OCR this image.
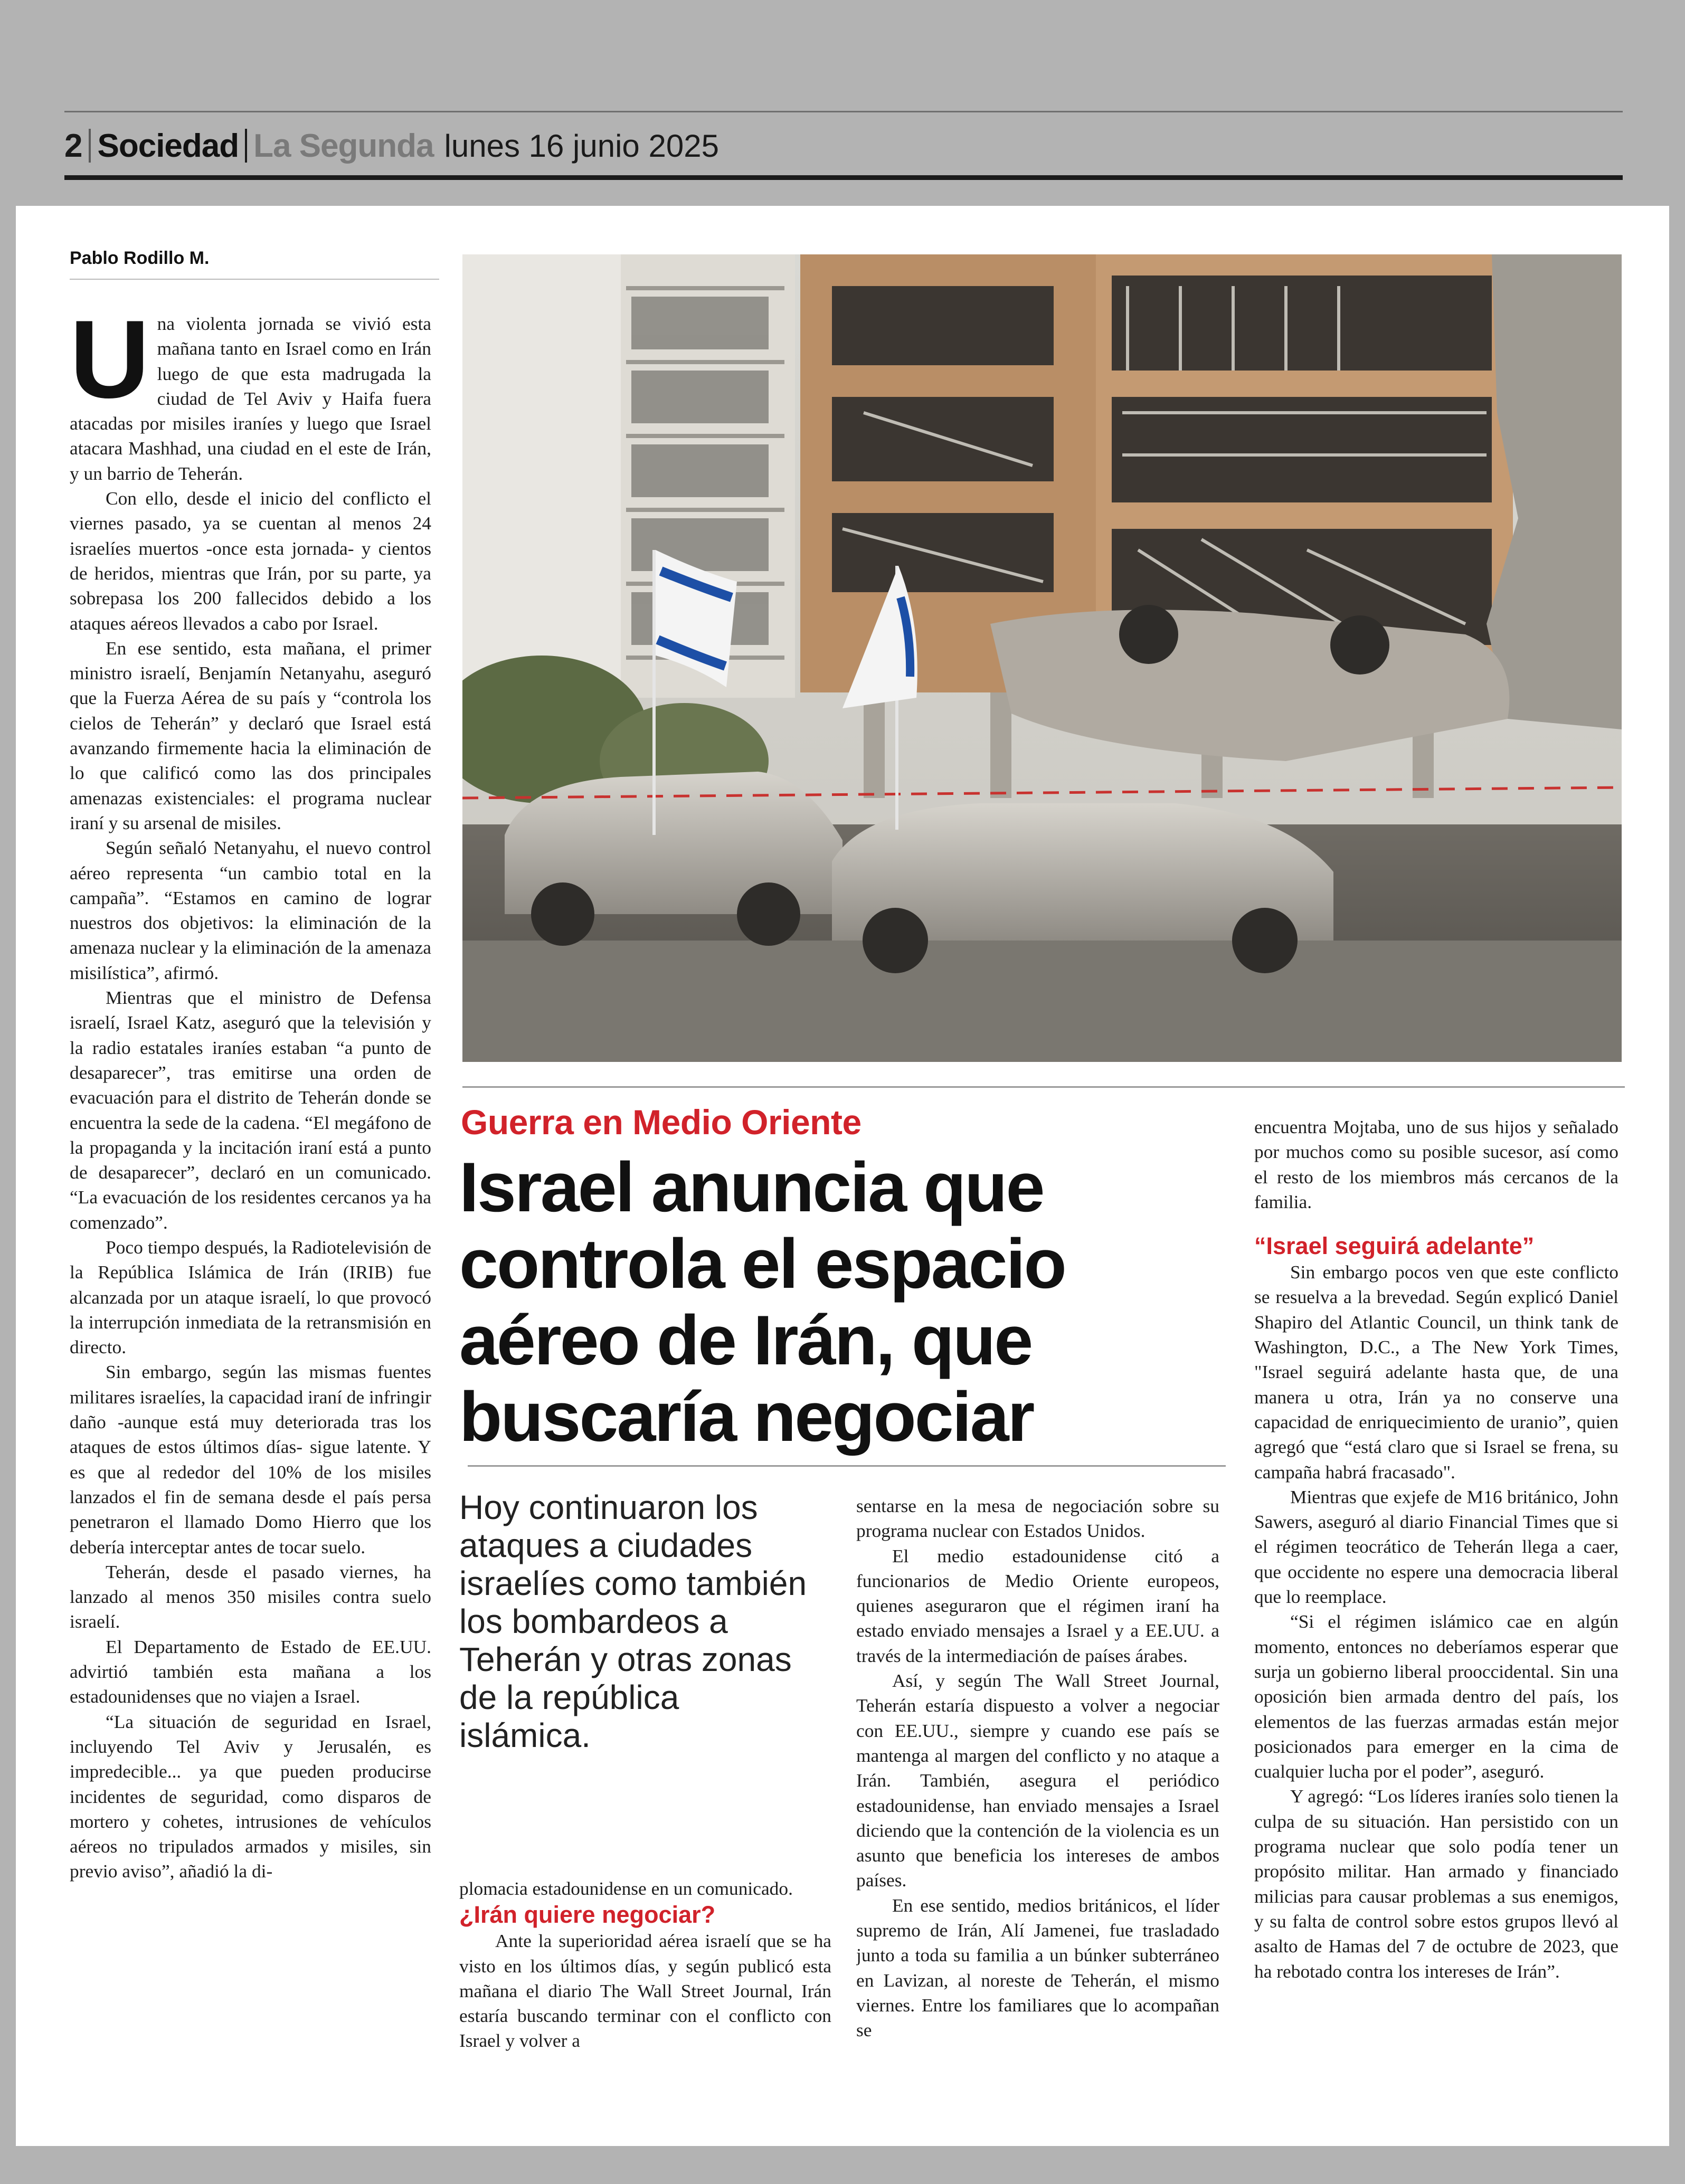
2 Sociedad La Segunda lunes 16 junio 2025
Pablo Rodillo M.
U na violenta jornada se vivió esta mañana tanto en Israel como en Irán luego de que esta madrugada la ciudad de Tel Aviv y Haifa fuera atacadas por misiles iraníes y luego que Israel atacara Mashhad, una ciudad en el este de Irán, y un barrio de Teherán.

Con ello, desde el inicio del conflicto el viernes pasado, ya se cuentan al menos 24 israelíes muertos -once esta jornada- y cientos de heridos, mientras que Irán, por su parte, ya sobrepasa los 200 fallecidos debido a los ataques aéreos llevados a cabo por Israel.

En ese sentido, esta mañana, el primer ministro israelí, Benjamín Netanyahu, aseguró que la Fuerza Aérea de su país y “controla los cielos de Teherán” y declaró que Israel está avanzando firmemente hacia la eliminación de lo que calificó como las dos principales amenazas existenciales: el programa nuclear iraní y su arsenal de misiles.

Según señaló Netanyahu, el nuevo control aéreo representa “un cambio total en la campaña”. “Estamos en camino de lograr nuestros dos objetivos: la eliminación de la amenaza nuclear y la eliminación de la amenaza misilística”, afirmó.

Mientras que el ministro de Defensa israelí, Israel Katz, aseguró que la televisión y la radio estatales iraníes estaban “a punto de desaparecer”, tras emitirse una orden de evacuación para el distrito de Teherán donde se encuentra la sede de la cadena. “El megáfono de la propaganda y la incitación iraní está a punto de desaparecer”, declaró en un comunicado. “La evacuación de los residentes cercanos ya ha comenzado”.

Poco tiempo después, la Radiotelevisión de la República Islámica de Irán (IRIB) fue alcanzada por un ataque israelí, lo que provocó la interrupción inmediata de la retransmisión en directo.

Sin embargo, según las mismas fuentes militares israelíes, la capacidad iraní de infringir daño -aunque está muy deteriorada tras los ataques de estos últimos días- sigue latente. Y es que al rededor del 10% de los misiles lanzados el fin de semana desde el país persa penetraron el llamado Domo Hierro que los debería interceptar antes de tocar suelo.

Teherán, desde el pasado viernes, ha lanzado al menos 350 misiles contra suelo israelí.

El Departamento de Estado de EE.UU. advirtió también esta mañana a los estadounidenses que no viajen a Israel.

“La situación de seguridad en Israel, incluyendo Tel Aviv y Jerusalén, es impredecible... ya que pueden producirse incidentes de seguridad, como disparos de mortero y cohetes, intrusiones de vehículos aéreos no tripulados armados y misiles, sin previo aviso”, añadió la di-

Guerra en Medio Oriente
Israel anuncia que controla el espacio aéreo de Irán, que buscaría negociar
Hoy continuaron los ataques a ciudades israelíes como también los bombardeos a Teherán y otras zonas de la república islámica.

plomacia estadounidense en un comunicado.

¿Irán quiere negociar?

Ante la superioridad aérea israelí que se ha visto en los últimos días, y según publicó esta mañana el diario The Wall Street Journal, Irán estaría buscando terminar con el conflicto con Israel y volver a

sentarse en la mesa de negociación sobre su programa nuclear con Estados Unidos.

El medio estadounidense citó a funcionarios de Medio Oriente europeos, quienes aseguraron que el régimen iraní ha estado enviado mensajes a Israel y a EE.UU. a través de la intermediación de países árabes.

Así, y según The Wall Street Journal, Teherán estaría dispuesto a volver a negociar con EE.UU., siempre y cuando ese país se mantenga al margen del conflicto y no ataque a Irán. También, asegura el periódico estadounidense, han enviado mensajes a Israel diciendo que la contención de la violencia es un asunto que beneficia los intereses de ambos países.

En ese sentido, medios británicos, el líder supremo de Irán, Alí Jamenei, fue trasladado junto a toda su familia a un búnker subterráneo en Lavizan, al noreste de Teherán, el mismo viernes. Entre los familiares que lo acompañan se

encuentra Mojtaba, uno de sus hijos y señalado por muchos como su posible sucesor, así como el resto de los miembros más cercanos de la familia.

“Israel seguirá adelante”

Sin embargo pocos ven que este conflicto se resuelva a la brevedad. Según explicó Daniel Shapiro del Atlantic Council, un think tank de Washington, D.C., a The New York Times, "Israel seguirá adelante hasta que, de una manera u otra, Irán ya no conserve una capacidad de enriquecimiento de uranio”, quien agregó que “está claro que si Israel se frena, su campaña habrá fracasado".

Mientras que exjefe de M16 británico, John Sawers, aseguró al diario Financial Times que si el régimen teocrático de Teherán llega a caer, que occidente no espere una democracia liberal que lo reemplace.

“Si el régimen islámico cae en algún momento, entonces no deberíamos esperar que surja un gobierno liberal prooccidental. Sin una oposición bien armada dentro del país, los elementos de las fuerzas armadas están mejor posicionados para emerger en la cima de cualquier lucha por el poder”, aseguró.

Y agregó: “Los líderes iraníes solo tienen la culpa de su situación. Han persistido con un programa nuclear que solo podía tener un propósito militar. Han armado y financiado milicias para causar problemas a sus enemigos, y su falta de control sobre estos grupos llevó al asalto de Hamas del 7 de octubre de 2023, que ha rebotado contra los intereses de Irán”.
